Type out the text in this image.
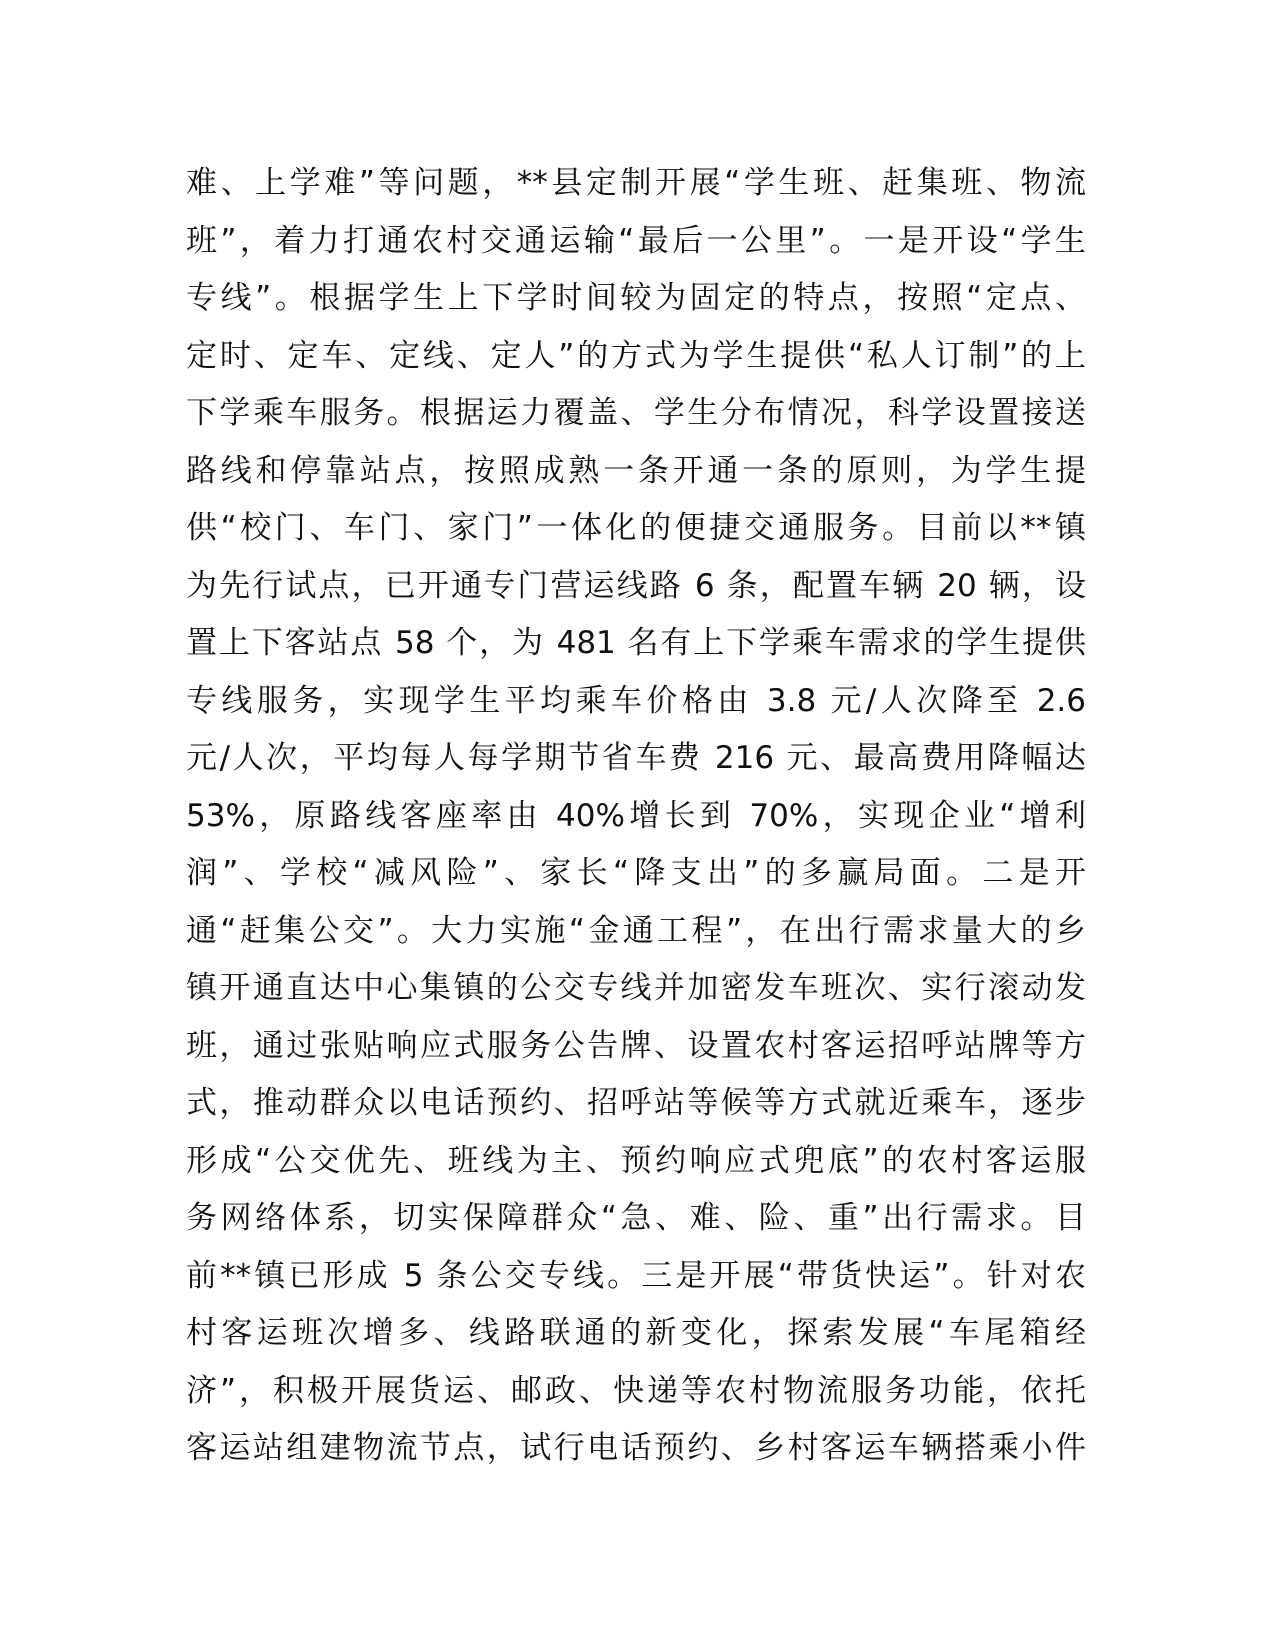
难、上学难”等问题，**县定制开展“学生班、赶集班、物流
班”，着力打通农村交通运输“最后一公里”。一是开设“学生
专线”。根据学生上下学时间较为固定的特点，按照“定点、
定时、定车、定线、定人”的方式为学生提供“私人订制”的上
下学乘车服务。根据运力覆盖、学生分布情况，科学设置接送
路线和停靠站点，按照成熟一条开通一条的原则，为学生提
供“校门、车门、家门”一体化的便捷交通服务。目前以**镇
为先行试点，已开通专门营运线路 6 条，配置车辆 20 辆，设
置上下客站点 58 个，为 481 名有上下学乘车需求的学生提供
专线服务，实现学生平均乘车价格由 3.8 元/人次降至 2.6
元/人次，平均每人每学期节省车费 216 元、最高费用降幅达
53%，原路线客座率由 40%增长到 70%，实现企业“增利
润”、学校“减风险”、家长“降支出”的多赢局面。二是开
通“赶集公交”。大力实施“金通工程”，在出行需求量大的乡
镇开通直达中心集镇的公交专线并加密发车班次、实行滚动发
班，通过张贴响应式服务公告牌、设置农村客运招呼站牌等方
式，推动群众以电话预约、招呼站等候等方式就近乘车，逐步
形成“公交优先、班线为主、预约响应式兜底”的农村客运服
务网络体系，切实保障群众“急、难、险、重”出行需求。目
前**镇已形成 5 条公交专线。三是开展“带货快运”。针对农
村客运班次增多、线路联通的新变化，探索发展“车尾箱经
济”，积极开展货运、邮政、快递等农村物流服务功能，依托
客运站组建物流节点，试行电话预约、乡村客运车辆搭乘小件
